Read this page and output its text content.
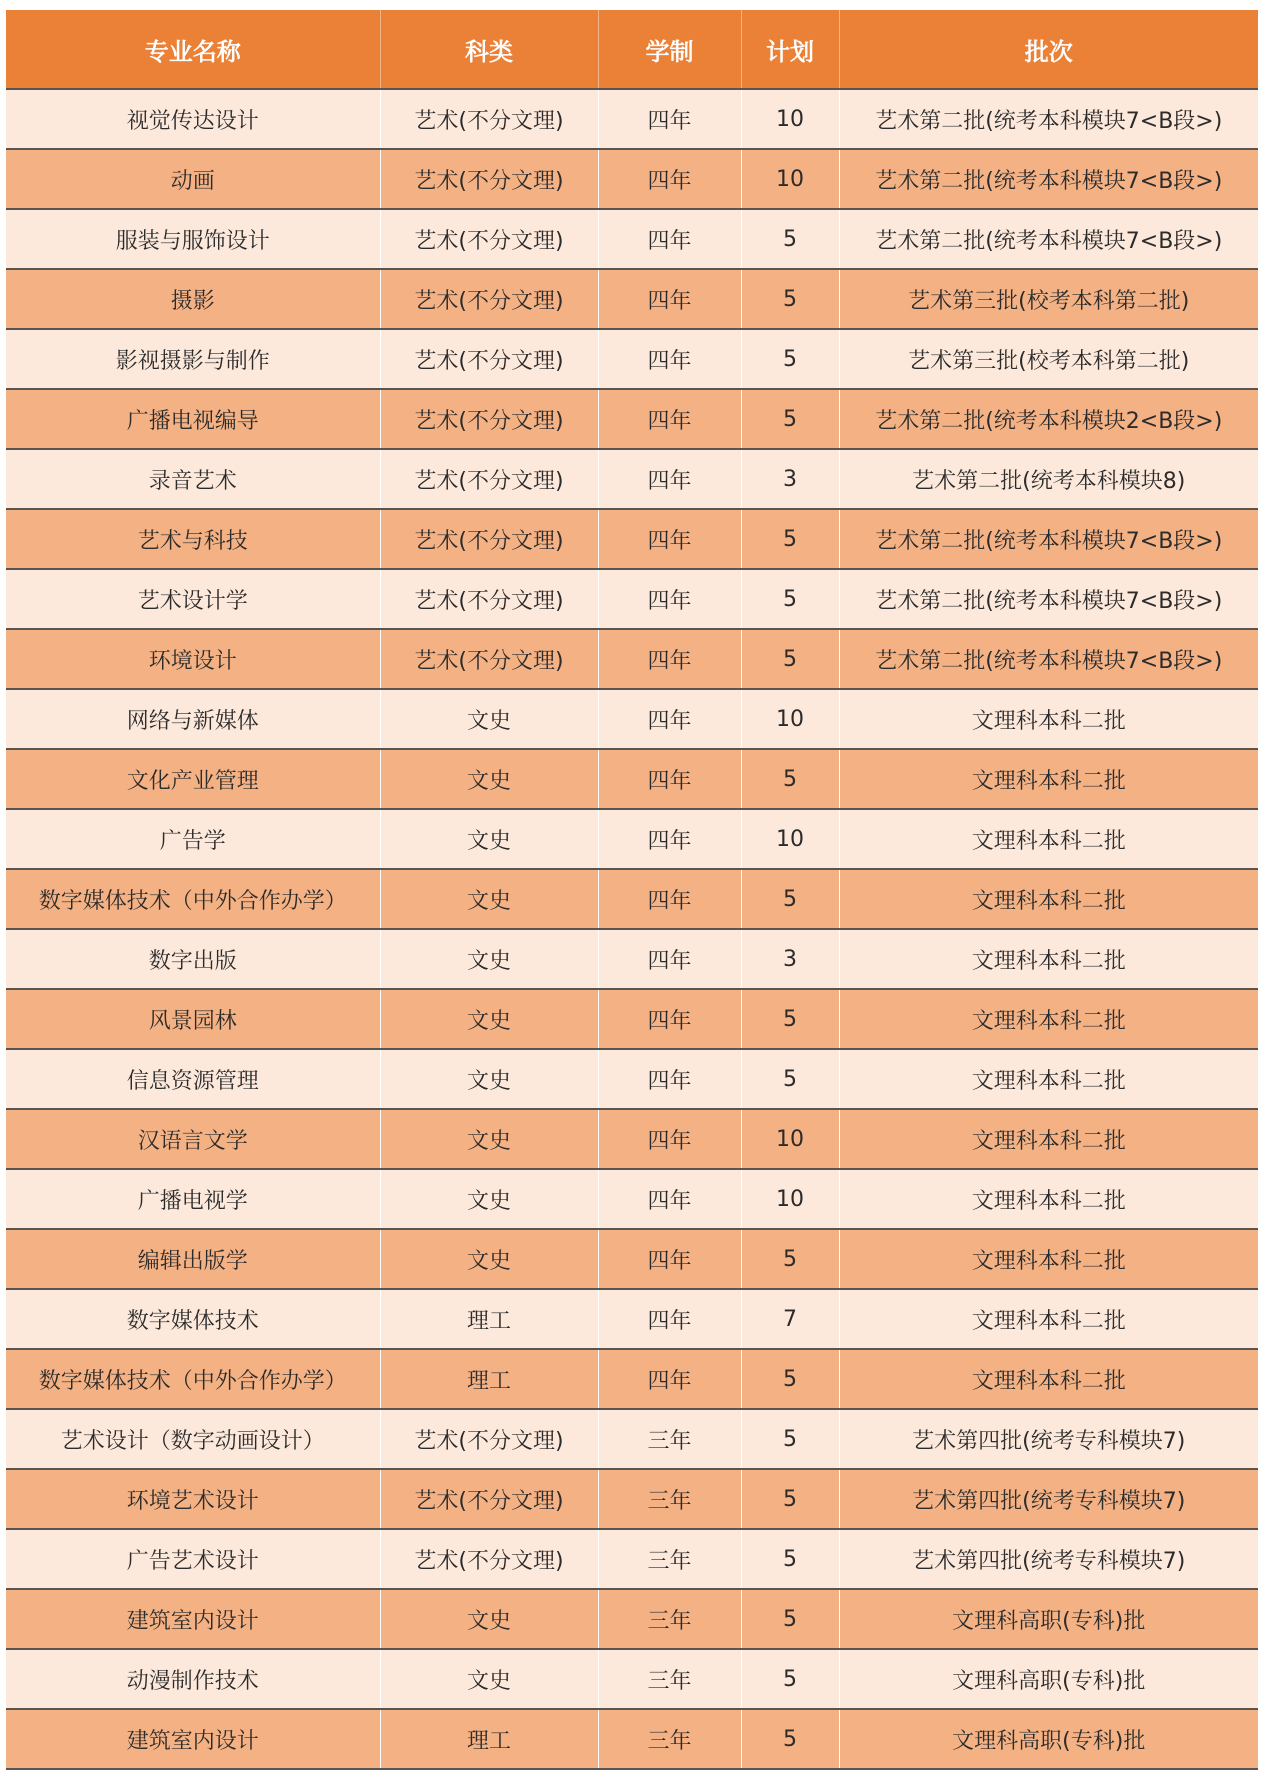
专业名称	科类	学制	计划	批次
视觉传达设计	艺术(不分文理)	四年	10	艺术第二批(统考本科模块7<B段>)
动画	艺术(不分文理)	四年	10	艺术第二批(统考本科模块7<B段>)
服装与服饰设计	艺术(不分文理)	四年	5	艺术第二批(统考本科模块7<B段>)
摄影	艺术(不分文理)	四年	5	艺术第三批(校考本科第二批)
影视摄影与制作	艺术(不分文理)	四年	5	艺术第三批(校考本科第二批)
广播电视编导	艺术(不分文理)	四年	5	艺术第二批(统考本科模块2<B段>)
录音艺术	艺术(不分文理)	四年	3	艺术第二批(统考本科模块8)
艺术与科技	艺术(不分文理)	四年	5	艺术第二批(统考本科模块7<B段>)
艺术设计学	艺术(不分文理)	四年	5	艺术第二批(统考本科模块7<B段>)
环境设计	艺术(不分文理)	四年	5	艺术第二批(统考本科模块7<B段>)
网络与新媒体	文史	四年	10	文理科本科二批
文化产业管理	文史	四年	5	文理科本科二批
广告学	文史	四年	10	文理科本科二批
数字媒体技术（中外合作办学）	文史	四年	5	文理科本科二批
数字出版	文史	四年	3	文理科本科二批
风景园林	文史	四年	5	文理科本科二批
信息资源管理	文史	四年	5	文理科本科二批
汉语言文学	文史	四年	10	文理科本科二批
广播电视学	文史	四年	10	文理科本科二批
编辑出版学	文史	四年	5	文理科本科二批
数字媒体技术	理工	四年	7	文理科本科二批
数字媒体技术（中外合作办学）	理工	四年	5	文理科本科二批
艺术设计（数字动画设计）	艺术(不分文理)	三年	5	艺术第四批(统考专科模块7)
环境艺术设计	艺术(不分文理)	三年	5	艺术第四批(统考专科模块7)
广告艺术设计	艺术(不分文理)	三年	5	艺术第四批(统考专科模块7)
建筑室内设计	文史	三年	5	文理科高职(专科)批
动漫制作技术	文史	三年	5	文理科高职(专科)批
建筑室内设计	理工	三年	5	文理科高职(专科)批
